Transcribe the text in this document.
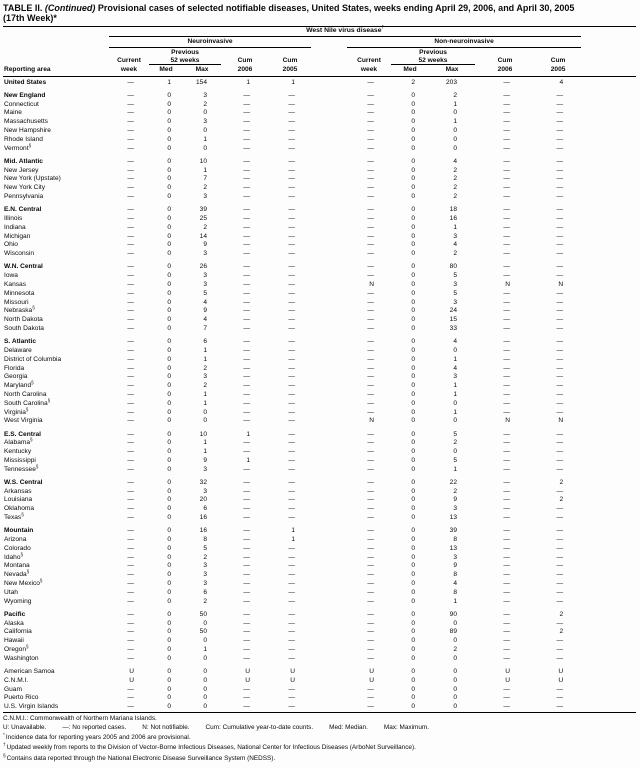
TABLE II. (Continued) Provisional cases of selected notifiable diseases, United States, weeks ending April 29, 2006, and April 30, 2005
(17th Week)*
	West Nile virus disease†	
	Neuroinvasive						Non-neuroinvasive					
	Current	Previous
52 weeks		Cum	Cum		Current	Previous
52 weeks		Cum	Cum	
Reporting area	week	Med	Max	2006	2005		week	Med	Max	2006	2005	
United States	—	1	154	1	1		—	2	203	—	4	

New England	—	0	3	—	—		—	0	2	—	—	
Connecticut	—	0	2	—	—		—	0	1	—	—	
Maine	—	0	0	—	—		—	0	0	—	—	
Massachusetts	—	0	3	—	—		—	0	1	—	—	
New Hampshire	—	0	0	—	—		—	0	0	—	—	
Rhode Island	—	0	1	—	—		—	0	0	—	—	
Vermont§	—	0	0	—	—		—	0	0	—	—	

Mid. Atlantic	—	0	10	—	—		—	0	4	—	—	
New Jersey	—	0	1	—	—		—	0	2	—	—	
New York (Upstate)	—	0	7	—	—		—	0	2	—	—	
New York City	—	0	2	—	—		—	0	2	—	—	
Pennsylvania	—	0	3	—	—		—	0	2	—	—	

E.N. Central	—	0	39	—	—		—	0	18	—	—	
Illinois	—	0	25	—	—		—	0	16	—	—	
Indiana	—	0	2	—	—		—	0	1	—	—	
Michigan	—	0	14	—	—		—	0	3	—	—	
Ohio	—	0	9	—	—		—	0	4	—	—	
Wisconsin	—	0	3	—	—		—	0	2	—	—	

W.N. Central	—	0	26	—	—		—	0	80	—	—	
Iowa	—	0	3	—	—		—	0	5	—	—	
Kansas	—	0	3	—	—		N	0	3	N	N	
Minnesota	—	0	5	—	—		—	0	5	—	—	
Missouri	—	0	4	—	—		—	0	3	—	—	
Nebraska§	—	0	9	—	—		—	0	24	—	—	
North Dakota	—	0	4	—	—		—	0	15	—	—	
South Dakota	—	0	7	—	—		—	0	33	—	—	

S. Atlantic	—	0	6	—	—		—	0	4	—	—	
Delaware	—	0	1	—	—		—	0	0	—	—	
District of Columbia	—	0	1	—	—		—	0	1	—	—	
Florida	—	0	2	—	—		—	0	4	—	—	
Georgia	—	0	3	—	—		—	0	3	—	—	
Maryland§	—	0	2	—	—		—	0	1	—	—	
North Carolina	—	0	1	—	—		—	0	1	—	—	
South Carolina§	—	0	1	—	—		—	0	0	—	—	
Virginia§	—	0	0	—	—		—	0	1	—	—	
West Virginia	—	0	0	—	—		N	0	0	N	N	

E.S. Central	—	0	10	1	—		—	0	5	—	—	
Alabama§	—	0	1	—	—		—	0	2	—	—	
Kentucky	—	0	1	—	—		—	0	0	—	—	
Mississippi	—	0	9	1	—		—	0	5	—	—	
Tennessee§	—	0	3	—	—		—	0	1	—	—	

W.S. Central	—	0	32	—	—		—	0	22	—	2	
Arkansas	—	0	3	—	—		—	0	2	—	—	
Louisiana	—	0	20	—	—		—	0	9	—	2	
Oklahoma	—	0	6	—	—		—	0	3	—	—	
Texas§	—	0	16	—	—		—	0	13	—	—	

Mountain	—	0	16	—	1		—	0	39	—	—	
Arizona	—	0	8	—	1		—	0	8	—	—	
Colorado	—	0	5	—	—		—	0	13	—	—	
Idaho§	—	0	2	—	—		—	0	3	—	—	
Montana	—	0	3	—	—		—	0	9	—	—	
Nevada§	—	0	3	—	—		—	0	8	—	—	
New Mexico§	—	0	3	—	—		—	0	4	—	—	
Utah	—	0	6	—	—		—	0	8	—	—	
Wyoming	—	0	2	—	—		—	0	1	—	—	

Pacific	—	0	50	—	—		—	0	90	—	2	
Alaska	—	0	0	—	—		—	0	0	—	—	
California	—	0	50	—	—		—	0	89	—	2	
Hawaii	—	0	0	—	—		—	0	0	—	—	
Oregon§	—	0	1	—	—		—	0	2	—	—	
Washington	—	0	0	—	—		—	0	0	—	—	

American Samoa	U	0	0	U	U		U	0	0	U	U	
C.N.M.I.	U	0	0	U	U		U	0	0	U	U	
Guam	—	0	0	—	—		—	0	0	—	—	
Puerto Rico	—	0	0	—	—		—	0	0	—	—	
U.S. Virgin Islands	—	0	0	—	—		—	0	0	—	—	
C.N.M.I.: Commonwealth of Northern Mariana Islands.
U: Unavailable.	—: No reported cases.	N: Not notifiable.	Cum: Cumulative year-to-date counts.	Med: Median.	Max: Maximum.
*Incidence data for reporting years 2005 and 2006 are provisional.
†Updated weekly from reports to the Division of Vector-Borne Infectious Diseases, National Center for Infectious Diseases (ArboNet Surveillance).
§Contains data reported through the National Electronic Disease Surveillance System (NEDSS).
